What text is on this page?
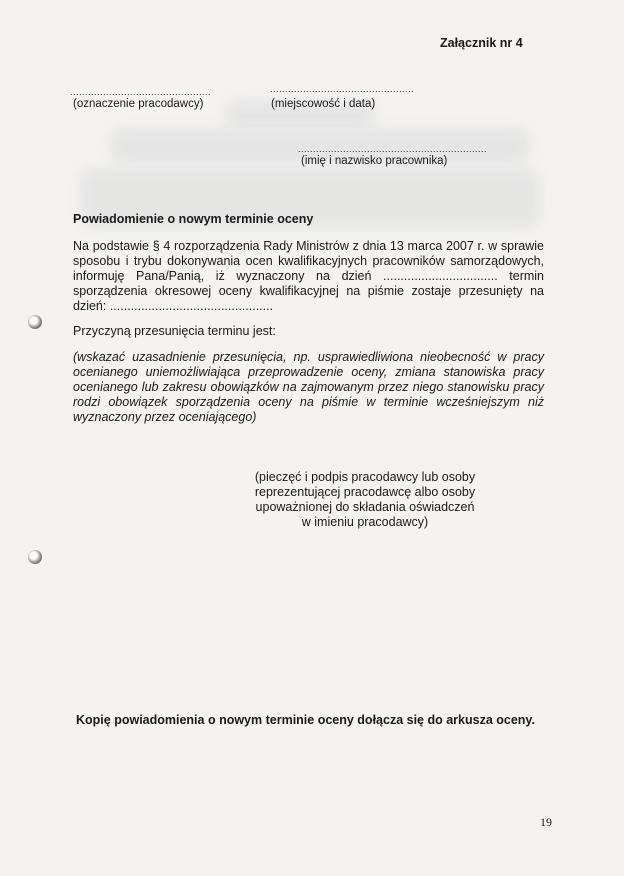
Załącznik nr 4
...............................................
(oznaczenie pracodawcy)
................................................
(miejscowość i data)
...............................................................
(imię i nazwisko pracownika)
Powiadomienie o nowym terminie oceny
Na podstawie § 4 rozporządzenia Rady Ministrów z dnia 13 marca 2007 r. w sprawie
sposobu i trybu dokonywania ocen kwalifikacyjnych pracowników samorządowych,
informuję Pana/Panią, iż wyznaczony na dzień ................................. termin
sporządzenia okresowej oceny kwalifikacyjnej na piśmie zostaje przesunięty na
dzień: ...............................................
Przyczyną przesunięcia terminu jest:
(wskazać uzasadnienie przesunięcia, np. usprawiedliwiona nieobecność w pracy
ocenianego uniemożliwiająca przeprowadzenie oceny, zmiana stanowiska pracy
ocenianego lub zakresu obowiązków na zajmowanym przez niego stanowisku pracy
rodzi obowiązek sporządzenia oceny na piśmie w terminie wcześniejszym niż
wyznaczony przez oceniającego)
(pieczęć i podpis pracodawcy lub osoby
reprezentującej pracodawcę albo osoby
upoważnionej do składania oświadczeń
w imieniu pracodawcy)
Kopię powiadomienia o nowym terminie oceny dołącza się do arkusza oceny.
19
